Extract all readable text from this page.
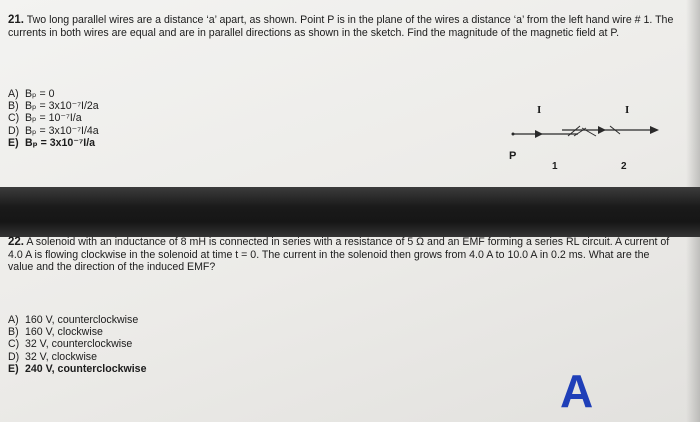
21. Two long parallel wires are a distance ‘a’ apart, as shown. Point P is in the plane of the wires a distance ‘a’ from the left hand wire # 1. The currents in both wires are equal and are in parallel directions as shown in the sketch. Find the magnitude of the magnetic field at P.
A) Bₚ = 0
B) Bₚ = 3x10⁻⁷I/2a
C) Bₚ = 10⁻⁷I/a
D) Bₚ = 3x10⁻⁷I/4a
E) Bₚ = 3x10⁻⁷I/a
I	I
P
1	2
22. A solenoid with an inductance of 8 mH is connected in series with a resistance of 5 Ω and an EMF forming a series RL circuit. A current of 4.0 A is flowing clockwise in the solenoid at time t = 0. The current in the solenoid then grows from 4.0 A to 10.0 A in 0.2 ms. What are the value and the direction of the induced EMF?
A) 160 V, counterclockwise
B) 160 V, clockwise
C) 32 V, counterclockwise
D) 32 V, clockwise
E) 240 V, counterclockwise	A
